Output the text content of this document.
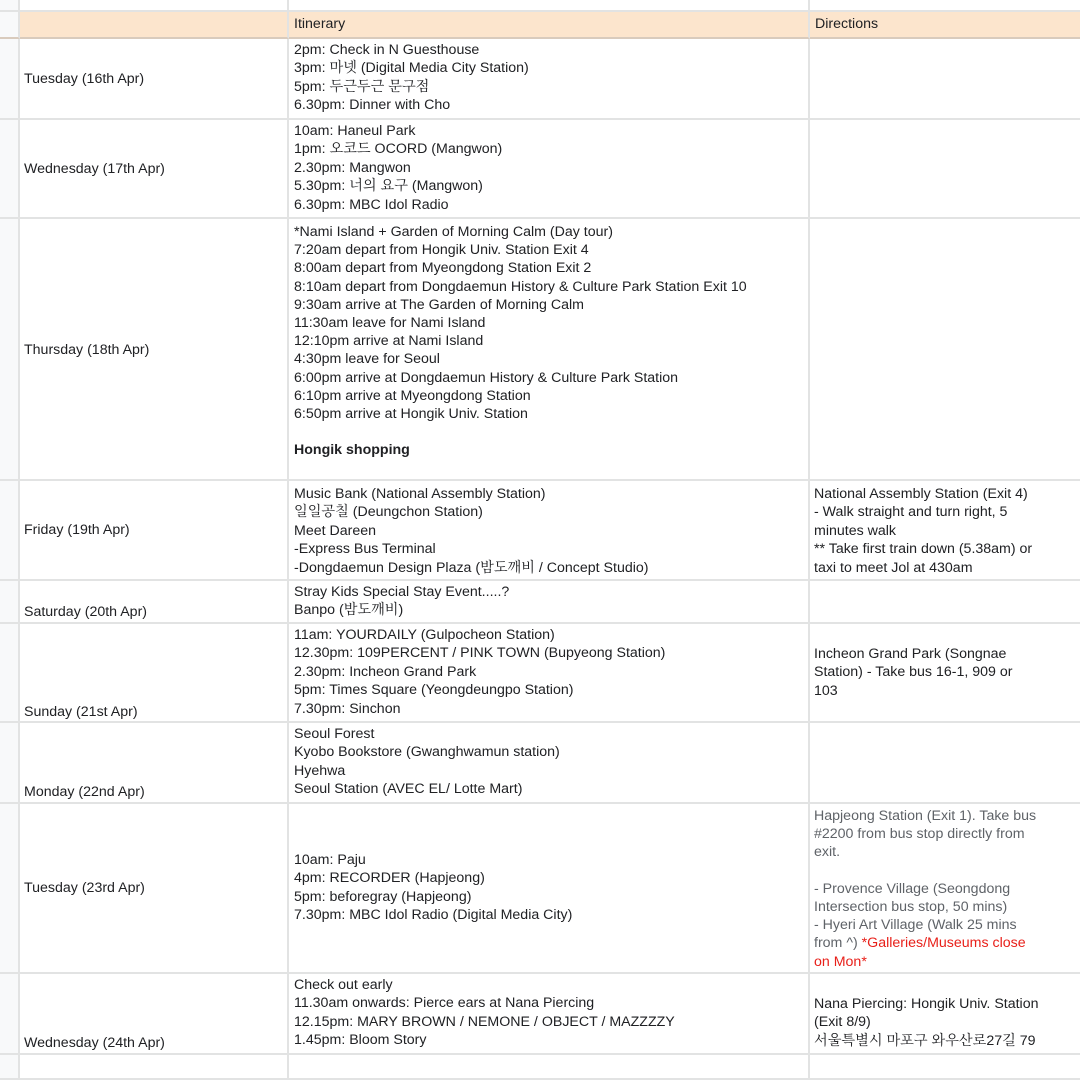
Itinerary	Directions
Tuesday (16th Apr)
2pm: Check in N Guesthouse
3pm: 마넷 (Digital Media City Station)
5pm: 두근두근 문구점
6.30pm: Dinner with Cho
Wednesday (17th Apr)
10am: Haneul Park
1pm: 오코드 OCORD (Mangwon)
2.30pm: Mangwon
5.30pm: 너의 요구 (Mangwon)
6.30pm: MBC Idol Radio
Thursday (18th Apr)
*Nami Island + Garden of Morning Calm (Day tour)
7:20am depart from Hongik Univ. Station Exit 4
8:00am depart from Myeongdong Station Exit 2
8:10am depart from Dongdaemun History & Culture Park Station Exit 10
9:30am arrive at The Garden of Morning Calm
11:30am leave for Nami Island
12:10pm arrive at Nami Island
4:30pm leave for Seoul
6:00pm arrive at Dongdaemun History & Culture Park Station
6:10pm arrive at Myeongdong Station
6:50pm arrive at Hongik Univ. Station
Hongik shopping
Friday (19th Apr)
Music Bank (National Assembly Station)
일일공칠 (Deungchon Station)
Meet Dareen
-Express Bus Terminal
-Dongdaemun Design Plaza (밤도깨비 / Concept Studio)
National Assembly Station (Exit 4)
- Walk straight and turn right, 5
minutes walk
** Take first train down (5.38am) or
taxi to meet Jol at 430am
Saturday (20th Apr)
Stray Kids Special Stay Event.....?
Banpo (밤도깨비)
Sunday (21st Apr)
11am: YOURDAILY (Gulpocheon Station)
12.30pm: 109PERCENT / PINK TOWN (Bupyeong Station)
2.30pm: Incheon Grand Park
5pm: Times Square (Yeongdeungpo Station)
7.30pm: Sinchon
Incheon Grand Park (Songnae
Station) - Take bus 16-1, 909 or
103
Monday (22nd Apr)
Seoul Forest
Kyobo Bookstore (Gwanghwamun station)
Hyehwa
Seoul Station (AVEC EL/ Lotte Mart)
Tuesday (23rd Apr)
10am: Paju
4pm: RECORDER (Hapjeong)
5pm: beforegray (Hapjeong)
7.30pm: MBC Idol Radio (Digital Media City)
Hapjeong Station (Exit 1). Take bus
#2200 from bus stop directly from
exit.
- Provence Village (Seongdong
Intersection bus stop, 50 mins)
- Hyeri Art Village (Walk 25 mins
from ^) *Galleries/Museums close
on Mon*
Wednesday (24th Apr)
Check out early
11.30am onwards: Pierce ears at Nana Piercing
12.15pm: MARY BROWN / NEMONE / OBJECT / MAZZZZY
1.45pm: Bloom Story
Nana Piercing: Hongik Univ. Station
(Exit 8/9)
서울특별시 마포구 와우산로27길 79
